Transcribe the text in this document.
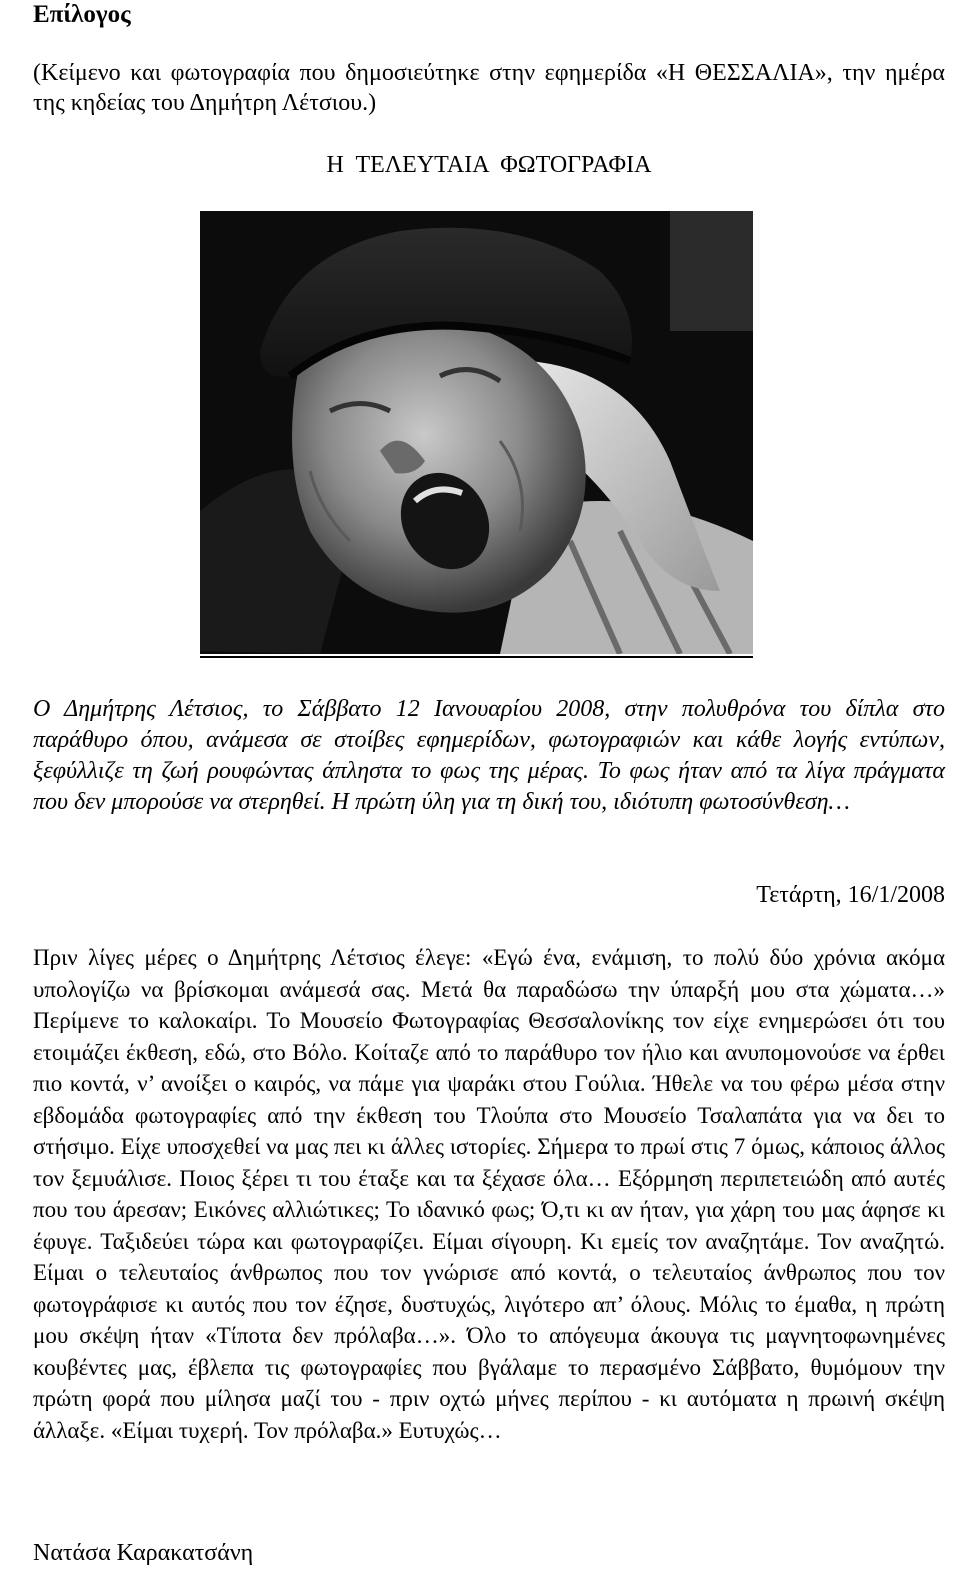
Επίλογος

(Κείμενο και φωτογραφία που δημοσιεύτηκε στην εφημερίδα «Η ΘΕΣΣΑΛΙΑ», την ημέρα της κηδείας του Δημήτρη Λέτσιου.)

Η ΤΕΛΕΥΤΑΙΑ ΦΩΤΟΓΡΑΦΙΑ

Ο Δημήτρης Λέτσιος, το Σάββατο 12 Ιανουαρίου 2008, στην πολυθρόνα του δίπλα στο παράθυρο όπου, ανάμεσα σε στοίβες εφημερίδων, φωτογραφιών και κάθε λογής εντύπων, ξεφύλλιζε τη ζωή ρουφώντας άπληστα το φως της μέρας. Το φως ήταν από τα λίγα πράγματα που δεν μπορούσε να στερηθεί. Η πρώτη ύλη για τη δική του, ιδιότυπη φωτοσύνθεση…

Τετάρτη, 16/1/2008

Πριν λίγες μέρες ο Δημήτρης Λέτσιος έλεγε: «Εγώ ένα, ενάμιση, το πολύ δύο χρόνια ακόμα υπολογίζω να βρίσκομαι ανάμεσά σας. Μετά θα παραδώσω την ύπαρξή μου στα χώματα…» Περίμενε το καλοκαίρι. Το Μουσείο Φωτογραφίας Θεσσαλονίκης τον είχε ενημερώσει ότι του ετοιμάζει έκθεση, εδώ, στο Βόλο. Κοίταζε από το παράθυρο τον ήλιο και ανυπομονούσε να έρθει πιο κοντά, ν’ ανοίξει ο καιρός, να πάμε για ψαράκι στου Γούλια. Ήθελε να του φέρω μέσα στην εβδομάδα φωτογραφίες από την έκθεση του Τλούπα στο Μουσείο Τσαλαπάτα για να δει το στήσιμο. Είχε υποσχεθεί να μας πει κι άλλες ιστορίες. Σήμερα το πρωί στις 7 όμως, κάποιος άλλος τον ξεμυάλισε. Ποιος ξέρει τι του έταξε και τα ξέχασε όλα… Εξόρμηση περιπετειώδη από αυτές που του άρεσαν; Εικόνες αλλιώτικες; Το ιδανικό φως; Ό,τι κι αν ήταν, για χάρη του μας άφησε κι έφυγε. Ταξιδεύει τώρα και φωτογραφίζει. Είμαι σίγουρη. Κι εμείς τον αναζητάμε. Τον αναζητώ. Είμαι ο τελευταίος άνθρωπος που τον γνώρισε από κοντά, ο τελευταίος άνθρωπος που τον φωτογράφισε κι αυτός που τον έζησε, δυστυχώς, λιγότερο απ’ όλους. Μόλις το έμαθα, η πρώτη μου σκέψη ήταν «Τίποτα δεν πρόλαβα…». Όλο το απόγευμα άκουγα τις μαγνητοφωνημένες κουβέντες μας, έβλεπα τις φωτογραφίες που βγάλαμε το περασμένο Σάββατο, θυμόμουν την πρώτη φορά που μίλησα μαζί του - πριν οχτώ μήνες περίπου - κι αυτόματα η πρωινή σκέψη άλλαξε. «Είμαι τυχερή. Τον πρόλαβα.» Ευτυχώς…

Νατάσα Καρακατσάνη
